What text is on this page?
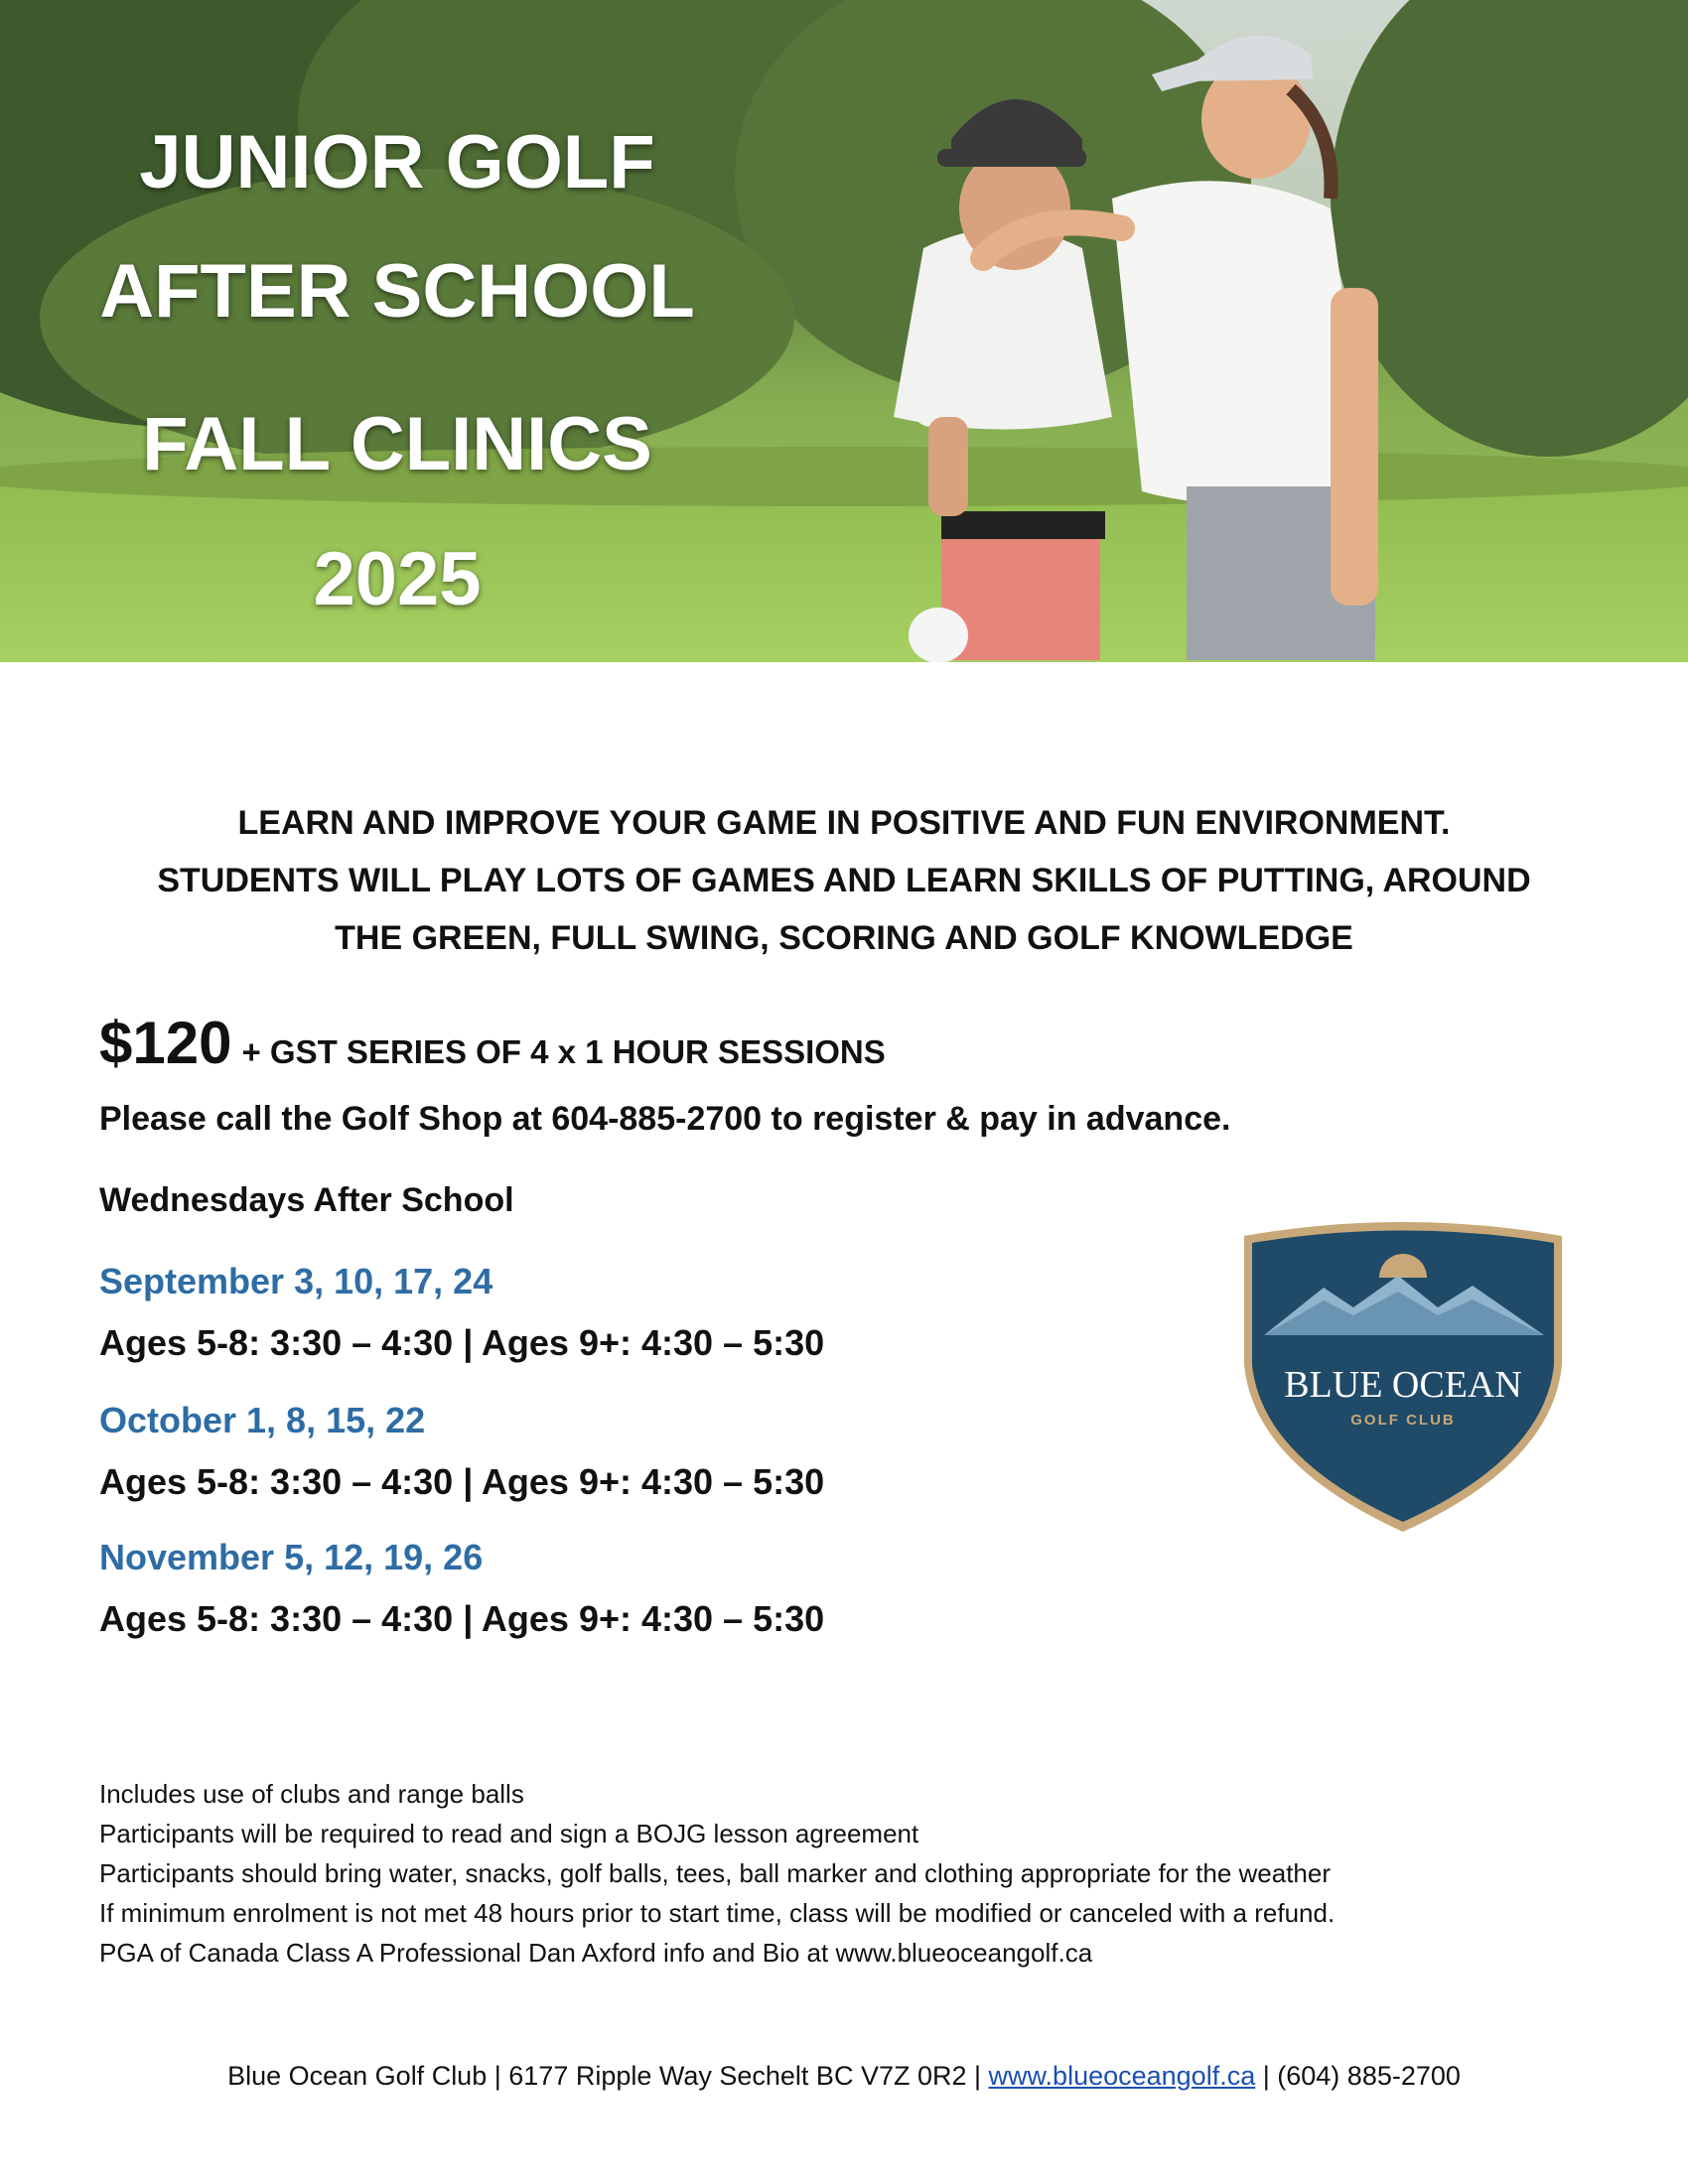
JUNIOR GOLF
AFTER SCHOOL
FALL CLINICS
2025
LEARN AND IMPROVE YOUR GAME IN POSITIVE AND FUN ENVIRONMENT.
STUDENTS WILL PLAY LOTS OF GAMES AND LEARN SKILLS OF PUTTING, AROUND
THE GREEN, FULL SWING, SCORING AND GOLF KNOWLEDGE
$120 + GST SERIES OF 4 x 1 HOUR SESSIONS
Please call the Golf Shop at 604-885-2700 to register & pay in advance.
Wednesdays After School
September 3, 10, 17, 24
Ages 5-8: 3:30 – 4:30 | Ages 9+: 4:30 – 5:30
October 1, 8, 15, 22
Ages 5-8: 3:30 – 4:30 | Ages 9+: 4:30 – 5:30
November 5, 12, 19, 26
Ages 5-8: 3:30 – 4:30 | Ages 9+: 4:30 – 5:30
BLUE OCEAN
GOLF CLUB
Includes use of clubs and range balls
Participants will be required to read and sign a BOJG lesson agreement
Participants should bring water, snacks, golf balls, tees, ball marker and clothing appropriate for the weather
If minimum enrolment is not met 48 hours prior to start time, class will be modified or canceled with a refund.
PGA of Canada Class A Professional Dan Axford info and Bio at www.blueoceangolf.ca
Blue Ocean Golf Club | 6177 Ripple Way Sechelt BC V7Z 0R2 | www.blueoceangolf.ca | (604) 885-2700
